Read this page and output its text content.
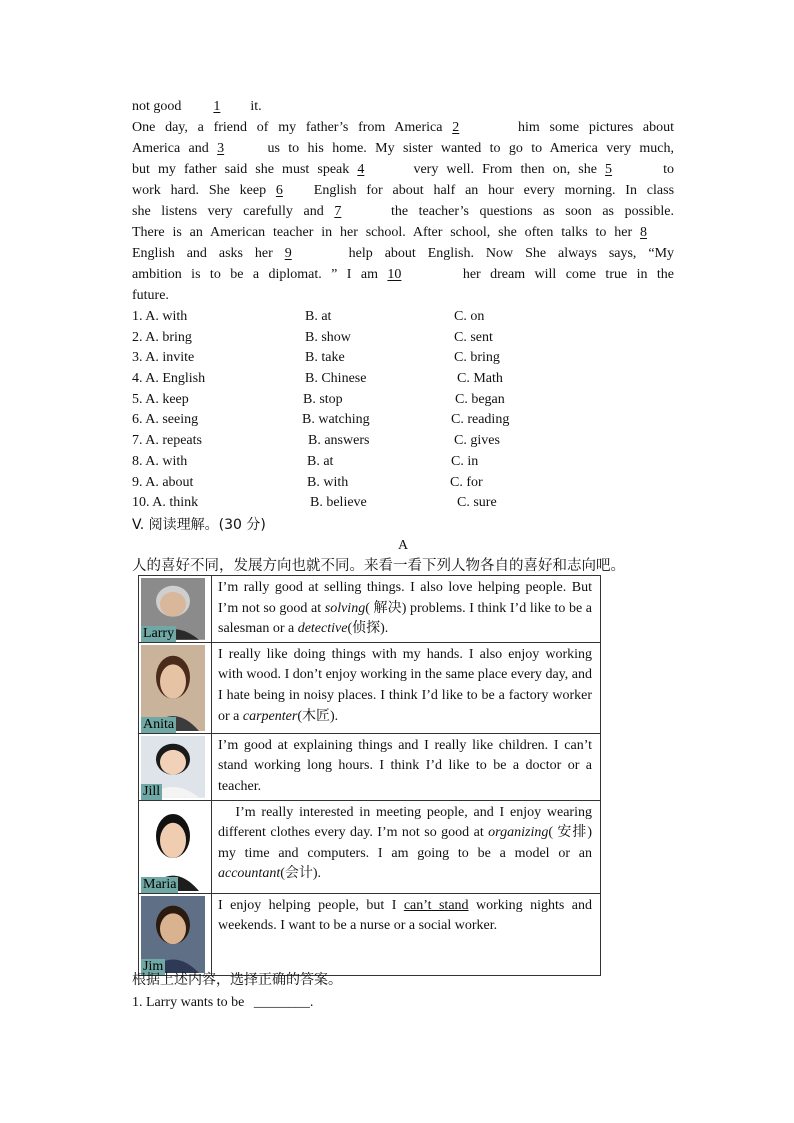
not good 1 it.
One day, a friend of my father’s from America 2	him some pictures about
America and 3	us to his home. My sister wanted to go to America very much,
but my father said she must speak 4	very well. From then on, she 5	to
work hard. She keep 6 English for about half an hour every morning. In class
she listens very carefully and 7	the teacher’s questions as soon as possible.
There is an American teacher in her school. After school, she often talks to her 8
English and asks her 9	help about English. Now She always says, “My
ambition is to be a diplomat. ” I am 10	her dream will come true in the
future.
1. A. with	B. at	C. on
2. A. bring	B. show	C. sent
3. A. invite	B. take	C. bring
4. A. English	B. Chinese	C. Math
5. A. keep	B. stop	C. began
6. A. seeing	B. watching	C. reading
7. A. repeats	B. answers	C. gives
8. A. with	B. at	C. in
9. A. about	B. with	C. for
10. A. think	B. believe	C. sure
V. 阅读理解。(30 分)
A
人的喜好不同，发展方向也就不同。来看一看下列人物各自的喜好和志向吧。
Larry	I’m rally good at selling things. I also love helping people. But I’m not so good at solving( 解决) problems. I think I’d like to be a salesman or a detective(侦探).

Anita	I really like doing things with my hands. I also enjoy working with wood. I don’t enjoy working in the same place every day, and I hate being in noisy places. I think I’d like to be a factory worker or a carpenter(木匠).

Jill	I’m good at explaining things and I really like children. I can’t stand working long hours. I think I’d like to be a doctor or a teacher.

Maria	I’m really interested in meeting people, and I enjoy wearing different clothes every day. I’m not so good at organizing( 安排) my time and computers. I am going to be a model or an accountant(会计).

Jim	I enjoy helping people, but I can’t stand working nights and weekends. I want to be a nurse or a social worker.
根据上述内容，选择正确的答案。
1. Larry wants to be ________.
